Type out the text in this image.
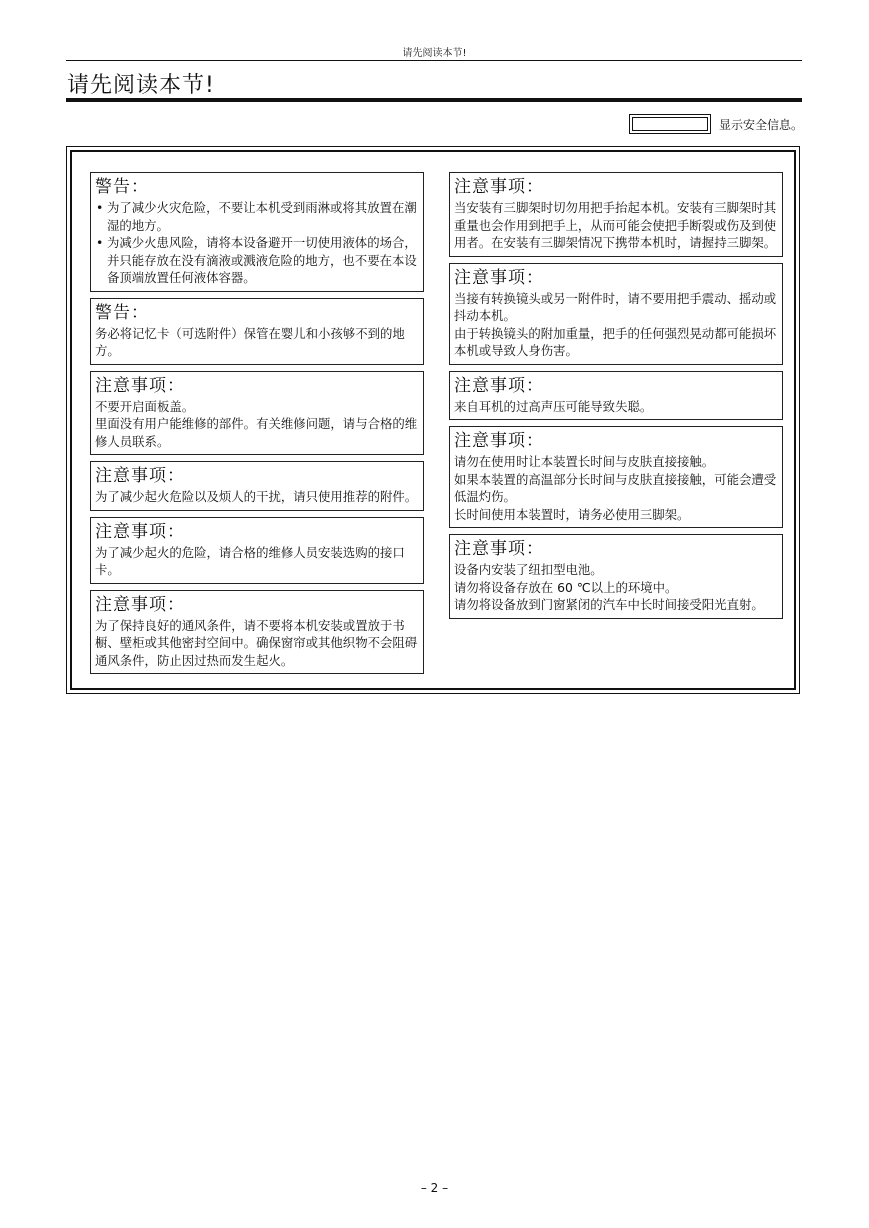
请先阅读本节!
请先阅读本节!
显示安全信息。
警告：
• 为了减少火灾危险，不要让本机受到雨淋或将其放置在潮湿的地方。
• 为减少火患风险，请将本设备避开一切使用液体的场合，并只能存放在没有滴液或溅液危险的地方，也不要在本设备顶端放置任何液体容器。
警告：

务必将记忆卡（可选附件）保管在婴儿和小孩够不到的地方。

注意事项：

不要开启面板盖。

里面没有用户能维修的部件。有关维修问题，请与合格的维修人员联系。

注意事项：

为了减少起火危险以及烦人的干扰，请只使用推荐的附件。

注意事项：

为了减少起火的危险，请合格的维修人员安装选购的接口卡。

注意事项：

为了保持良好的通风条件，请不要将本机安装或置放于书橱、壁柜或其他密封空间中。确保窗帘或其他织物不会阻碍通风条件，防止因过热而发生起火。

注意事项：

当安装有三脚架时切勿用把手抬起本机。安装有三脚架时其重量也会作用到把手上，从而可能会使把手断裂或伤及到使用者。在安装有三脚架情况下携带本机时，请握持三脚架。

注意事项：

当接有转换镜头或另一附件时，请不要用把手震动、摇动或抖动本机。

由于转换镜头的附加重量，把手的任何强烈晃动都可能损坏本机或导致人身伤害。

注意事项：

来自耳机的过高声压可能导致失聪。

注意事项：

请勿在使用时让本装置长时间与皮肤直接接触。

如果本装置的高温部分长时间与皮肤直接接触，可能会遭受低温灼伤。

长时间使用本装置时，请务必使用三脚架。

注意事项：

设备内安装了纽扣型电池。

请勿将设备存放在 60 ℃以上的环境中。

请勿将设备放到门窗紧闭的汽车中长时间接受阳光直射。

– 2 –
